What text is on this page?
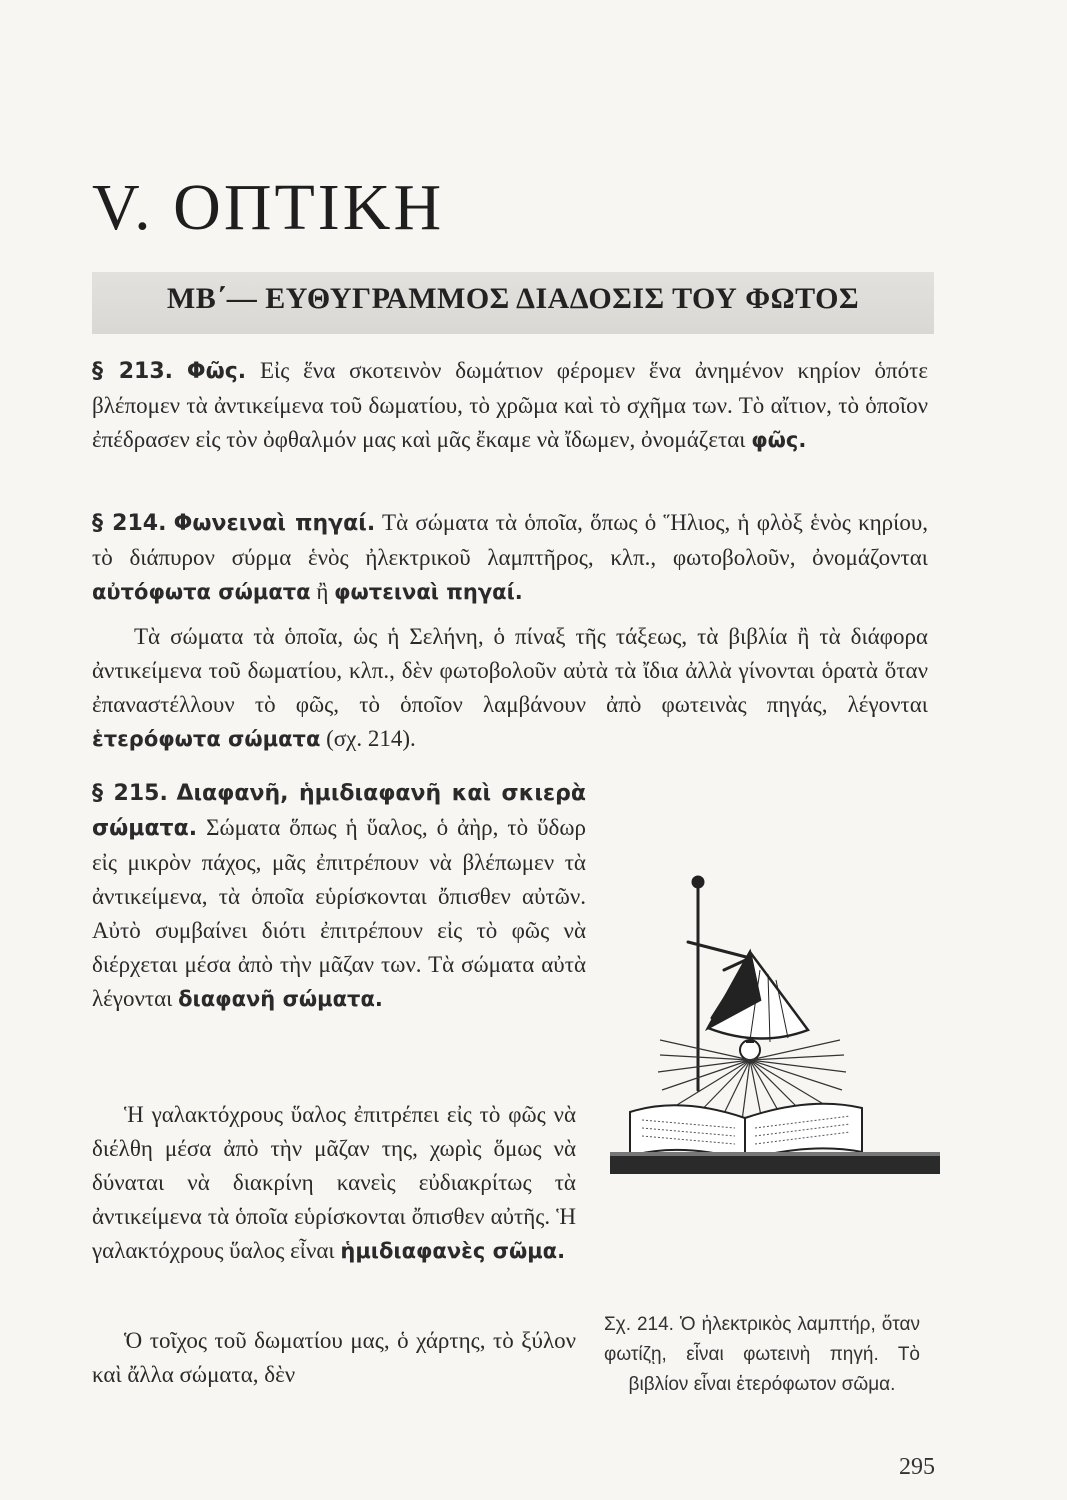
V. ΟΠΤΙΚΗ
ΜΒ΄— ΕΥΘΥΓΡΑΜΜΟΣ ΔΙΑΔΟΣΙΣ ΤΟΥ ΦΩΤΟΣ

§ 213. Φῶς. Εἰς ἕνα σκοτεινὸν δωμάτιον φέρομεν ἕνα ἀνημένον κηρίον ὁπότε βλέπομεν τὰ ἀντικείμενα τοῦ δωματίου, τὸ χρῶμα καὶ τὸ σχῆμα των. Τὸ αἴτιον, τὸ ὁποῖον ἐπέδρασεν εἰς τὸν ὀφθαλμόν μας καὶ μᾶς ἔκαμε νὰ ἴδωμεν, ὀνομάζεται φῶς.

§ 214. Φωνειναὶ πηγαί. Τὰ σώματα τὰ ὁποῖα, ὅπως ὁ Ἥλιος, ἡ φλὸξ ἑνὸς κηρίου, τὸ διάπυρον σύρμα ἑνὸς ἠλεκτρικοῦ λαμπτῆρος, κλπ., φωτοβολοῦν, ὀνομάζονται αὐτόφωτα σώματα ἢ φωτειναὶ πηγαί.

Τὰ σώματα τὰ ὁποῖα, ὡς ἡ Σελήνη, ὁ πίναξ τῆς τάξεως, τὰ βιβλία ἢ τὰ διάφορα ἀντικείμενα τοῦ δωματίου, κλπ., δὲν φωτοβολοῦν αὐτὰ τὰ ἴδια ἀλλὰ γίνονται ὁρατὰ ὅταν ἐπαναστέλλουν τὸ φῶς, τὸ ὁποῖον λαμβάνουν ἀπὸ φωτεινὰς πηγάς, λέγονται ἑτερόφωτα σώματα (σχ. 214).

§ 215. Διαφανῆ, ἡμιδιαφανῆ καὶ σκιερὰ σώματα. Σώματα ὅπως ἡ ὕαλος, ὁ ἀὴρ, τὸ ὕδωρ εἰς μικρὸν πάχος, μᾶς ἐπιτρέπουν νὰ βλέπωμεν τὰ ἀντικείμενα, τὰ ὁποῖα εὑρίσκονται ὄπισθεν αὐτῶν. Αὐτὸ συμβαίνει διότι ἐπιτρέπουν εἰς τὸ φῶς νὰ διέρχεται μέσα ἀπὸ τὴν μᾶζαν των. Τὰ σώματα αὐτὰ λέγονται διαφανῆ σώματα.

Ἡ γαλακτόχρους ὕαλος ἐπιτρέπει εἰς τὸ φῶς νὰ διέλθη μέσα ἀπὸ τὴν μᾶζαν της, χωρὶς ὅμως νὰ δύναται νὰ διακρίνη κανεὶς εὐδιακρίτως τὰ ἀντικείμενα τὰ ὁποῖα εὑρίσκονται ὄπισθεν αὐτῆς. Ἡ γαλακτόχρους ὕαλος εἶναι ἡμιδιαφανὲς σῶμα.

Ὁ τοῖχος τοῦ δωματίου μας, ὁ χάρτης, τὸ ξύλον καὶ ἄλλα σώματα, δὲν

Σχ. 214. Ὁ ἠλεκτρικὸς λαμπτήρ, ὅταν φωτίζῃ, εἶναι φωτεινὴ πηγή. Τὸ βιβλίον εἶναι ἑτερόφωτον σῶμα.

295
